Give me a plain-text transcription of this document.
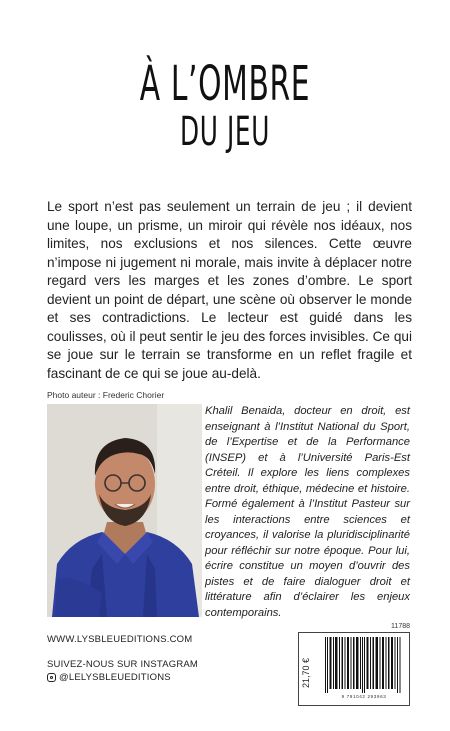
À L’OMBRE
DU JEU
Le sport n’est pas seulement un terrain de jeu ; il devient une loupe, un prisme, un miroir qui révèle nos idéaux, nos limites, nos exclusions et nos silences. Cette œuvre n’impose ni jugement ni morale, mais invite à déplacer notre regard vers les marges et les zones d’ombre. Le sport devient un point de départ, une scène où observer le monde et ses contradictions. Le lecteur est guidé dans les coulisses, où il peut sentir le jeu des forces invisibles. Ce qui se joue sur le terrain se transforme en un reflet fragile et fascinant de ce qui se joue au-delà.
Photo auteur : Frederic Chorier
Khalil Benaida, docteur en droit, est enseignant à l’Institut National du Sport, de l’Expertise et de la Performance (INSEP) et à l’Université Paris-Est Créteil. Il explore les liens complexes entre droit, éthique, médecine et histoire. Formé également à l’Institut Pasteur sur les interactions entre sciences et croyances, il valorise la pluridisciplinarité pour réfléchir sur notre époque. Pour lui, écrire constitue un moyen d’ouvrir des pistes et de faire dialoguer droit et littérature afin d’éclairer les enjeux contemporains.
WWW.LYSBLEUEDITIONS.COM
SUIVEZ-NOUS SUR INSTAGRAM
@LELYSBLEUEDITIONS
11788
21,70 €
9 791042 293963
